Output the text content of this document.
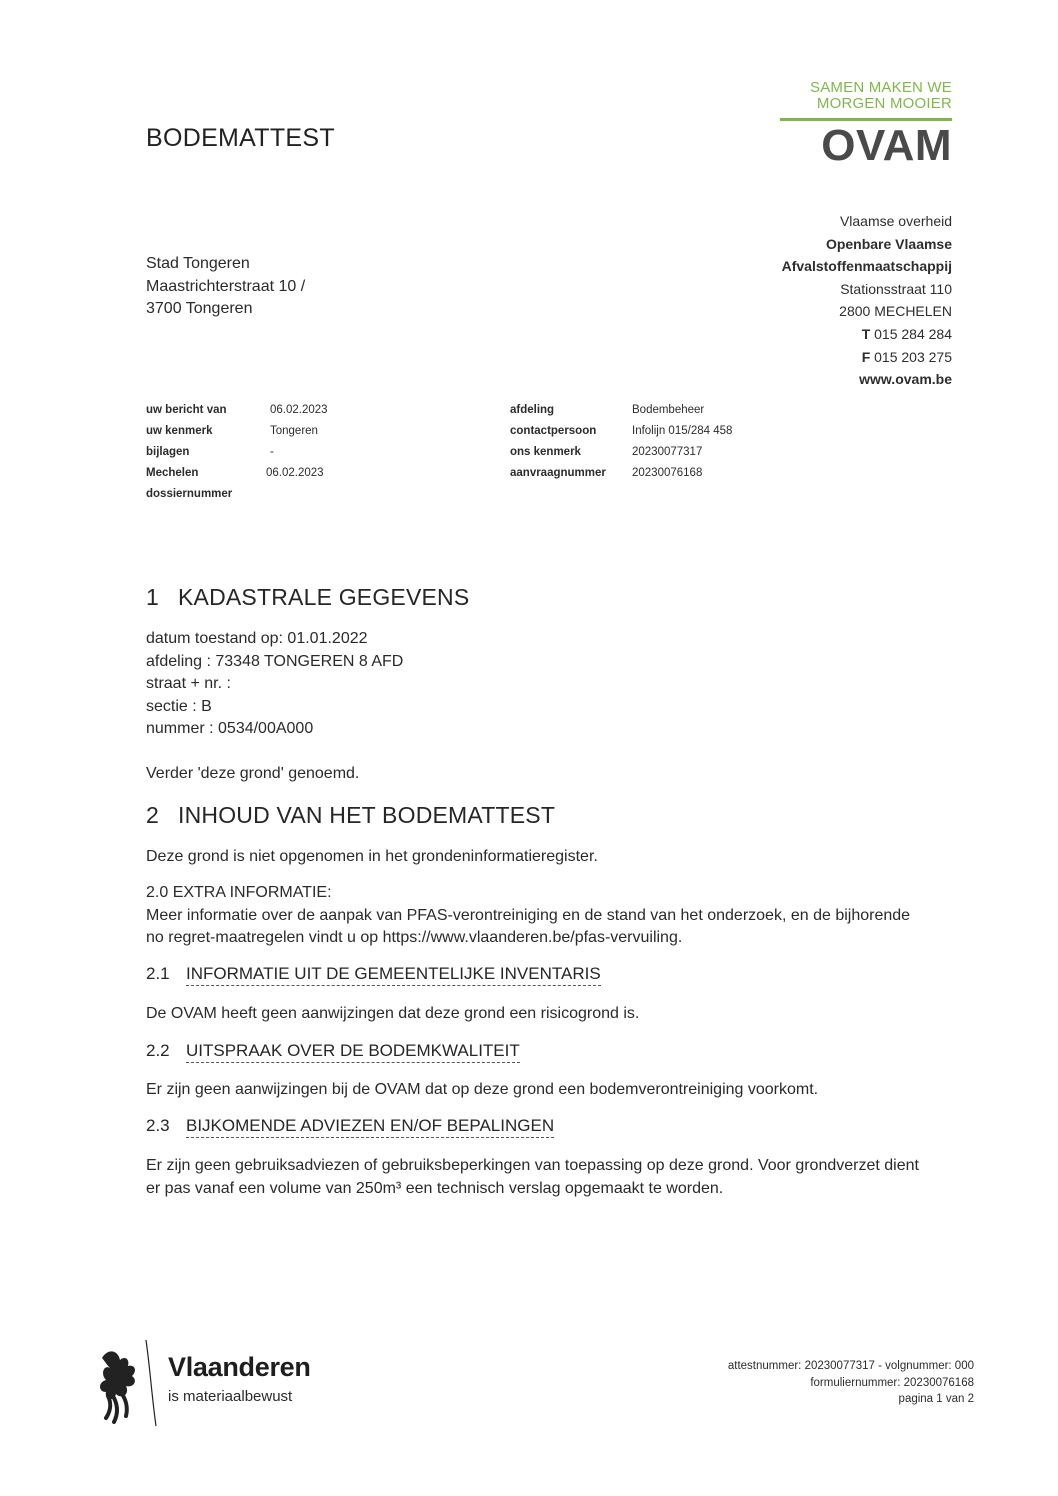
BODEMATTEST
SAMEN MAKEN WE
MORGEN MOOIER
OVAM
Vlaamse overheid
Openbare Vlaamse
Afvalstoffenmaatschappij
Stationsstraat 110
2800 MECHELEN
T 015 284 284
F 015 203 275
www.ovam.be
Stad Tongeren
Maastrichterstraat 10 /
3700 Tongeren
uw bericht van	06.02.2023
uw kenmerk	Tongeren
bijlagen	-
Mechelen	06.02.2023
dossiernummer
afdeling	Bodembeheer
contactpersoon	Infolijn 015/284 458
ons kenmerk	20230077317
aanvraagnummer 20230076168
1 KADASTRALE GEGEVENS
datum toestand op: 01.01.2022
afdeling : 73348 TONGEREN 8 AFD
straat + nr. :
sectie : B
nummer : 0534/00A000
Verder 'deze grond' genoemd.
2 INHOUD VAN HET BODEMATTEST
Deze grond is niet opgenomen in het grondeninformatieregister.
2.0 EXTRA INFORMATIE:
Meer informatie over de aanpak van PFAS-verontreiniging en de stand van het onderzoek, en de bijhorende
no regret-maatregelen vindt u op https://www.vlaanderen.be/pfas-vervuiling.
2.1 INFORMATIE UIT DE GEMEENTELIJKE INVENTARIS
De OVAM heeft geen aanwijzingen dat deze grond een risicogrond is.
2.2 UITSPRAAK OVER DE BODEMKWALITEIT
Er zijn geen aanwijzingen bij de OVAM dat op deze grond een bodemverontreiniging voorkomt.
2.3 BIJKOMENDE ADVIEZEN EN/OF BEPALINGEN
Er zijn geen gebruiksadviezen of gebruiksbeperkingen van toepassing op deze grond. Voor grondverzet dient
er pas vanaf een volume van 250m³ een technisch verslag opgemaakt te worden.
Vlaanderen
is materiaalbewust
attestnummer: 20230077317 - volgnummer: 000
formuliernummer: 20230076168
pagina 1 van 2
